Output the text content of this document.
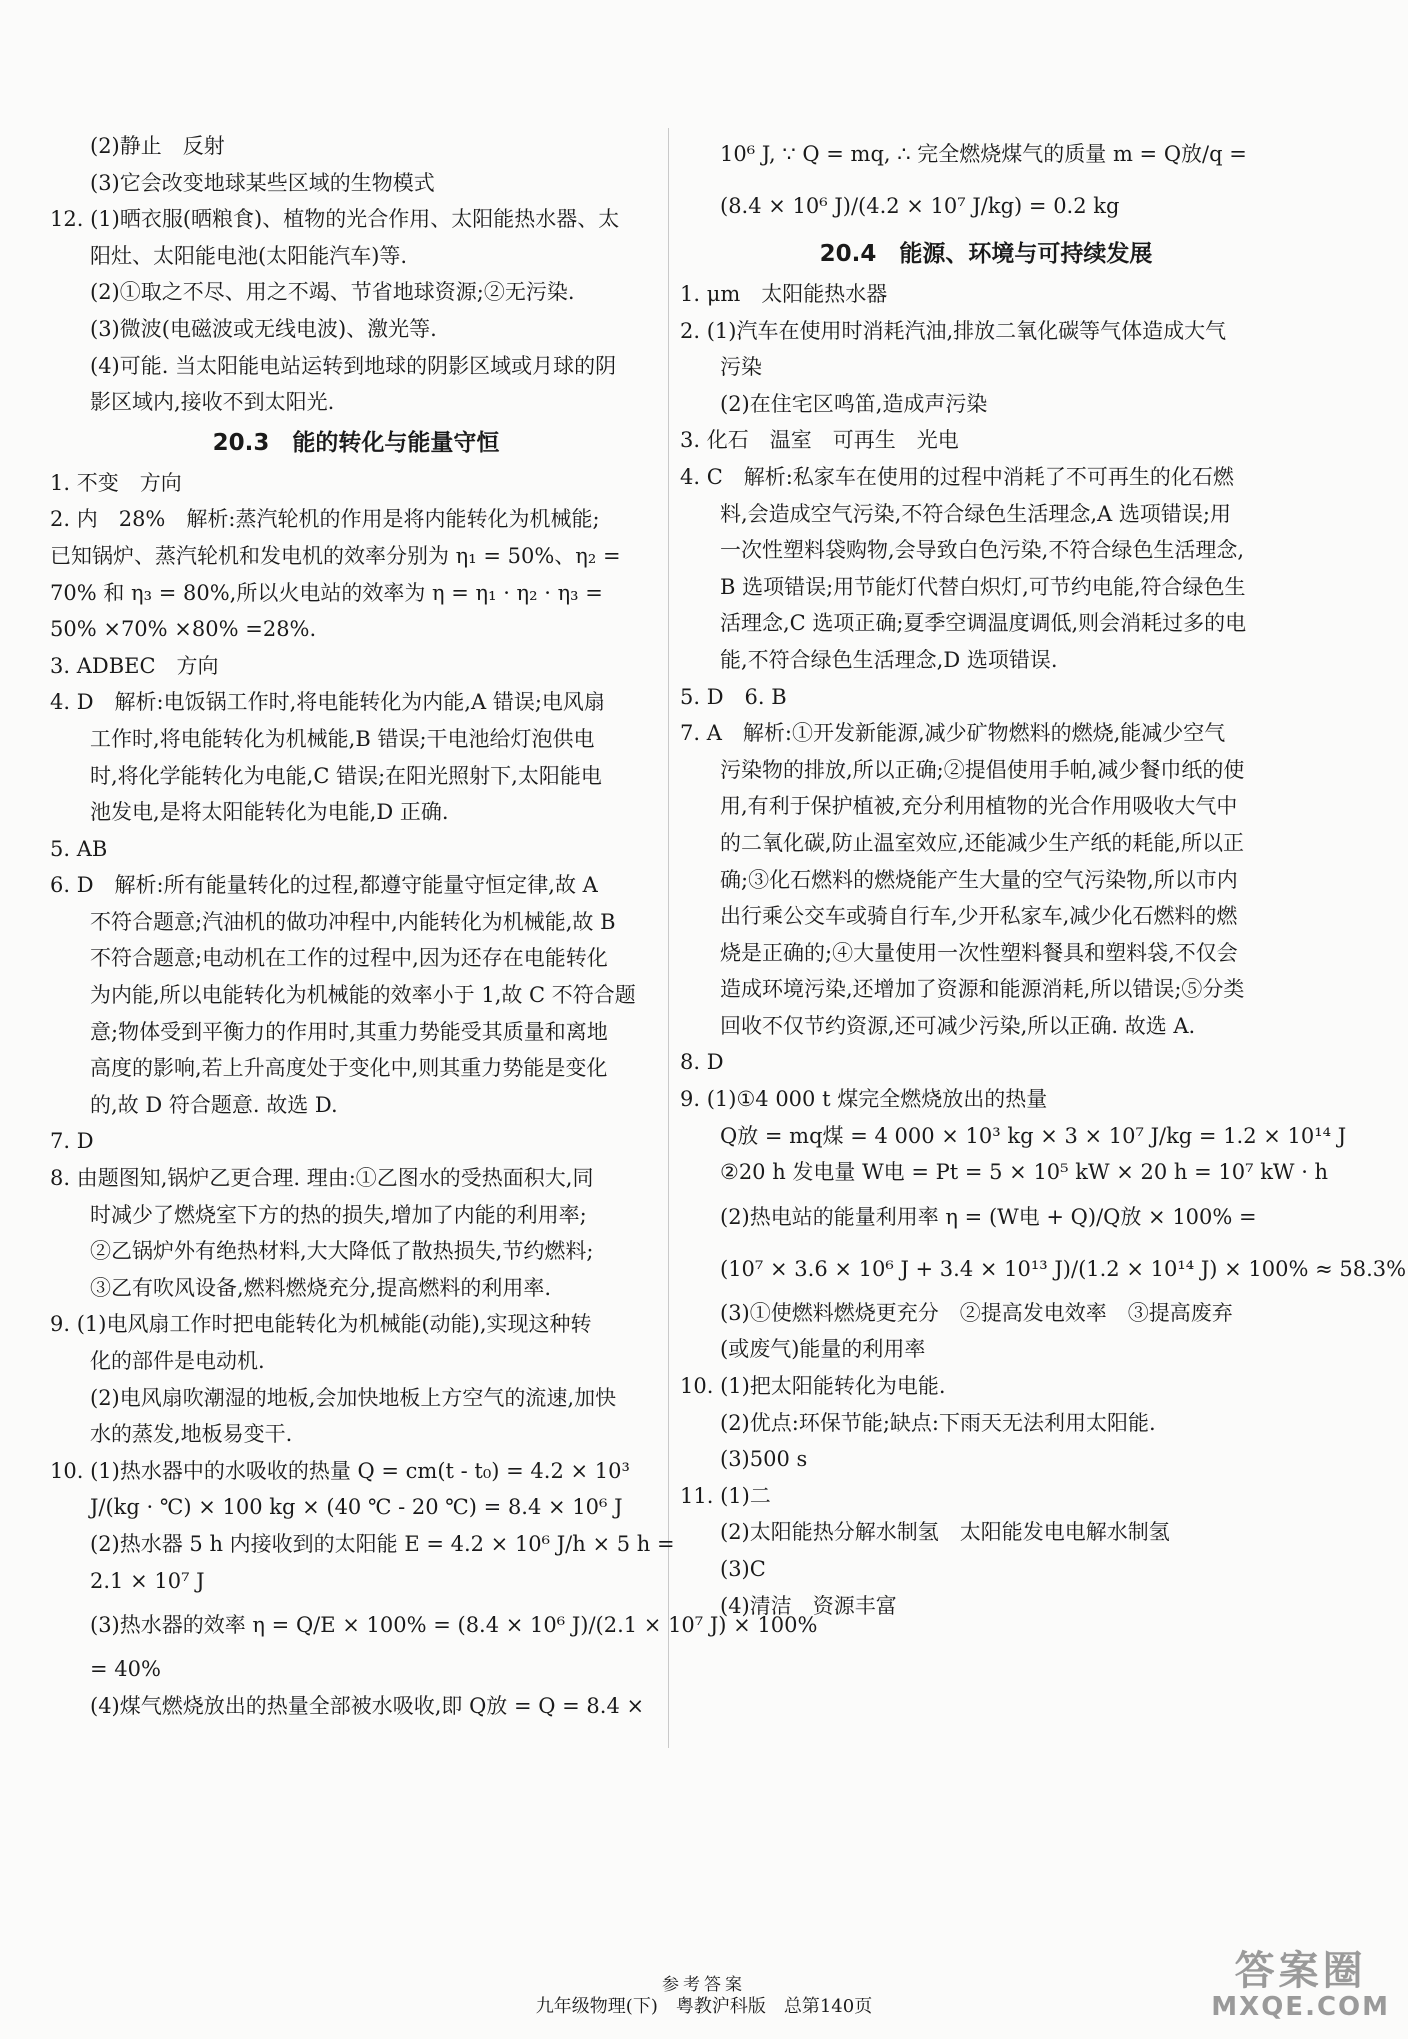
(2)静止　反射
(3)它会改变地球某些区域的生物模式
12. (1)晒衣服(晒粮食)、植物的光合作用、太阳能热水器、太
阳灶、太阳能电池(太阳能汽车)等.
(2)①取之不尽、用之不竭、节省地球资源;②无污染.
(3)微波(电磁波或无线电波)、激光等.
(4)可能. 当太阳能电站运转到地球的阴影区域或月球的阴
影区域内,接收不到太阳光.
20.3　能的转化与能量守恒
1. 不变　方向
2. 内　28%　解析:蒸汽轮机的作用是将内能转化为机械能;
已知锅炉、蒸汽轮机和发电机的效率分别为 η₁ = 50%、η₂ =
70% 和 η₃ = 80%,所以火电站的效率为 η = η₁ · η₂ · η₃ =
50% ×70% ×80% =28%.
3. ADBEC　方向
4. D　解析:电饭锅工作时,将电能转化为内能,A 错误;电风扇
工作时,将电能转化为机械能,B 错误;干电池给灯泡供电
时,将化学能转化为电能,C 错误;在阳光照射下,太阳能电
池发电,是将太阳能转化为电能,D 正确.
5. AB
6. D　解析:所有能量转化的过程,都遵守能量守恒定律,故 A
不符合题意;汽油机的做功冲程中,内能转化为机械能,故 B
不符合题意;电动机在工作的过程中,因为还存在电能转化
为内能,所以电能转化为机械能的效率小于 1,故 C 不符合题
意;物体受到平衡力的作用时,其重力势能受其质量和离地
高度的影响,若上升高度处于变化中,则其重力势能是变化
的,故 D 符合题意. 故选 D.
7. D
8. 由题图知,锅炉乙更合理. 理由:①乙图水的受热面积大,同
时减少了燃烧室下方的热的损失,增加了内能的利用率;
②乙锅炉外有绝热材料,大大降低了散热损失,节约燃料;
③乙有吹风设备,燃料燃烧充分,提高燃料的利用率.
9. (1)电风扇工作时把电能转化为机械能(动能),实现这种转
化的部件是电动机.
(2)电风扇吹潮湿的地板,会加快地板上方空气的流速,加快
水的蒸发,地板易变干.
10. (1)热水器中的水吸收的热量 Q = cm(t - t₀) = 4.2 × 10³
J/(kg · ℃) × 100 kg × (40 ℃ - 20 ℃) = 8.4 × 10⁶ J
(2)热水器 5 h 内接收到的太阳能 E = 4.2 × 10⁶ J/h × 5 h =
2.1 × 10⁷ J
(3)热水器的效率 η = Q/E × 100% = (8.4 × 10⁶ J)/(2.1 × 10⁷ J) × 100%
= 40%
(4)煤气燃烧放出的热量全部被水吸收,即 Q放 = Q = 8.4 ×
10⁶ J, ∵ Q = mq, ∴ 完全燃烧煤气的质量 m = Q放/q =
(8.4 × 10⁶ J)/(4.2 × 10⁷ J/kg) = 0.2 kg
20.4　能源、环境与可持续发展
1. μm　太阳能热水器
2. (1)汽车在使用时消耗汽油,排放二氧化碳等气体造成大气
污染
(2)在住宅区鸣笛,造成声污染
3. 化石　温室　可再生　光电
4. C　解析:私家车在使用的过程中消耗了不可再生的化石燃
料,会造成空气污染,不符合绿色生活理念,A 选项错误;用
一次性塑料袋购物,会导致白色污染,不符合绿色生活理念,
B 选项错误;用节能灯代替白炽灯,可节约电能,符合绿色生
活理念,C 选项正确;夏季空调温度调低,则会消耗过多的电
能,不符合绿色生活理念,D 选项错误.
5. D　6. B
7. A　解析:①开发新能源,减少矿物燃料的燃烧,能减少空气
污染物的排放,所以正确;②提倡使用手帕,减少餐巾纸的使
用,有利于保护植被,充分利用植物的光合作用吸收大气中
的二氧化碳,防止温室效应,还能减少生产纸的耗能,所以正
确;③化石燃料的燃烧能产生大量的空气污染物,所以市内
出行乘公交车或骑自行车,少开私家车,减少化石燃料的燃
烧是正确的;④大量使用一次性塑料餐具和塑料袋,不仅会
造成环境污染,还增加了资源和能源消耗,所以错误;⑤分类
回收不仅节约资源,还可减少污染,所以正确. 故选 A.
8. D
9. (1)①4 000 t 煤完全燃烧放出的热量
Q放 = mq煤 = 4 000 × 10³ kg × 3 × 10⁷ J/kg = 1.2 × 10¹⁴ J
②20 h 发电量 W电 = Pt = 5 × 10⁵ kW × 20 h = 10⁷ kW · h
(2)热电站的能量利用率 η = (W电 + Q)/Q放 × 100% =
(10⁷ × 3.6 × 10⁶ J + 3.4 × 10¹³ J)/(1.2 × 10¹⁴ J) × 100% ≈ 58.3%
(3)①使燃料燃烧更充分　②提高发电效率　③提高废弃
(或废气)能量的利用率
10. (1)把太阳能转化为电能.
(2)优点:环保节能;缺点:下雨天无法利用太阳能.
(3)500 s
11. (1)二
(2)太阳能热分解水制氢　太阳能发电电解水制氢
(3)C
(4)清洁　资源丰富
参考答案
九年级物理(下)　粤教沪科版　总第140页
答案圈
MXQE.COM
